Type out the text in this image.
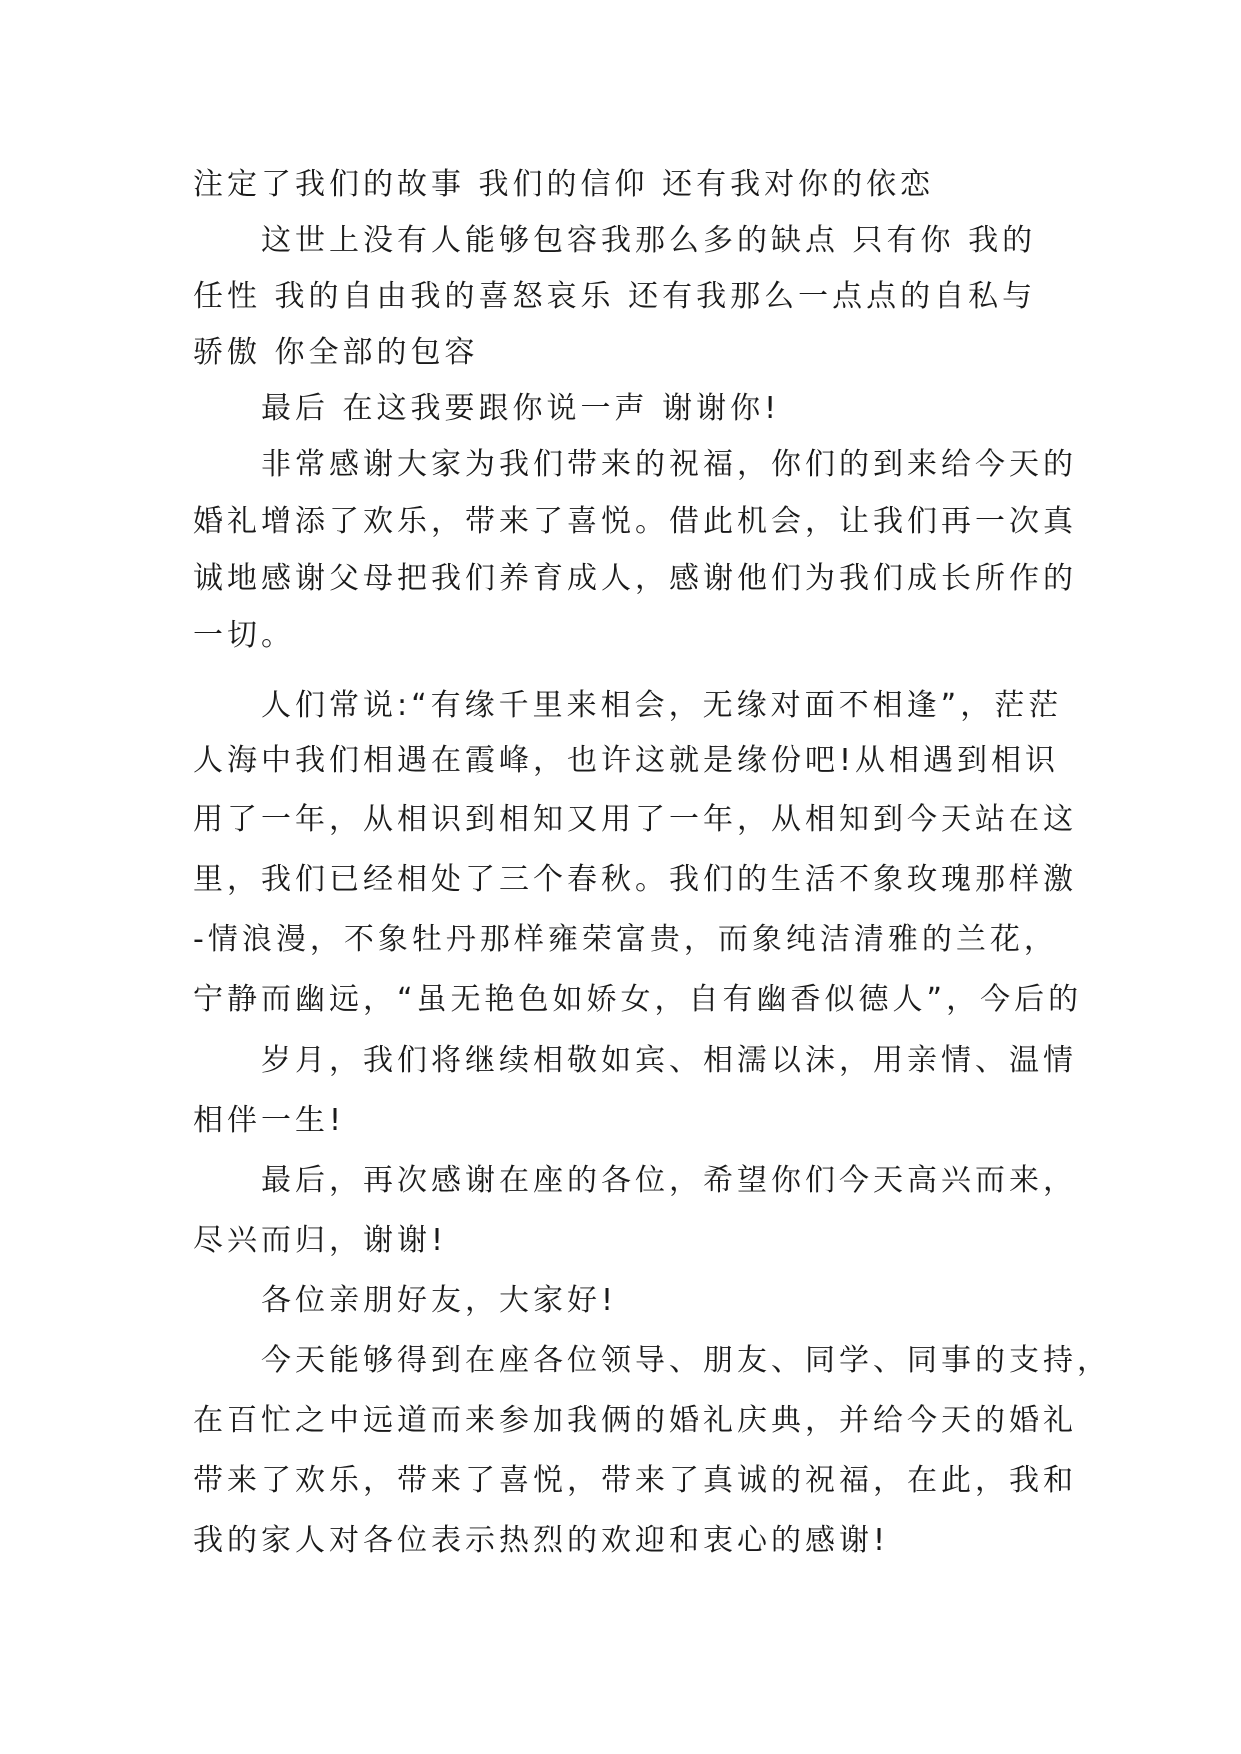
注定了我们的故事 我们的信仰 还有我对你的依恋
这世上没有人能够包容我那么多的缺点 只有你 我的
任性 我的自由我的喜怒哀乐 还有我那么一点点的自私与
骄傲 你全部的包容
最后 在这我要跟你说一声 谢谢你!
非常感谢大家为我们带来的祝福，你们的到来给今天的
婚礼增添了欢乐，带来了喜悦。借此机会，让我们再一次真
诚地感谢父母把我们养育成人，感谢他们为我们成长所作的
一切。
人们常说:“有缘千里来相会，无缘对面不相逢”，茫茫
人海中我们相遇在霞峰，也许这就是缘份吧!从相遇到相识
用了一年，从相识到相知又用了一年，从相知到今天站在这
里，我们已经相处了三个春秋。我们的生活不象玫瑰那样激
-情浪漫，不象牡丹那样雍荣富贵，而象纯洁清雅的兰花，
宁静而幽远，“虽无艳色如娇女，自有幽香似德人”，今后的
岁月，我们将继续相敬如宾、相濡以沫，用亲情、温情
相伴一生!
最后，再次感谢在座的各位，希望你们今天高兴而来，
尽兴而归，谢谢!
各位亲朋好友，大家好!
今天能够得到在座各位领导、朋友、同学、同事的支持，
在百忙之中远道而来参加我俩的婚礼庆典，并给今天的婚礼
带来了欢乐，带来了喜悦，带来了真诚的祝福，在此，我和
我的家人对各位表示热烈的欢迎和衷心的感谢!
